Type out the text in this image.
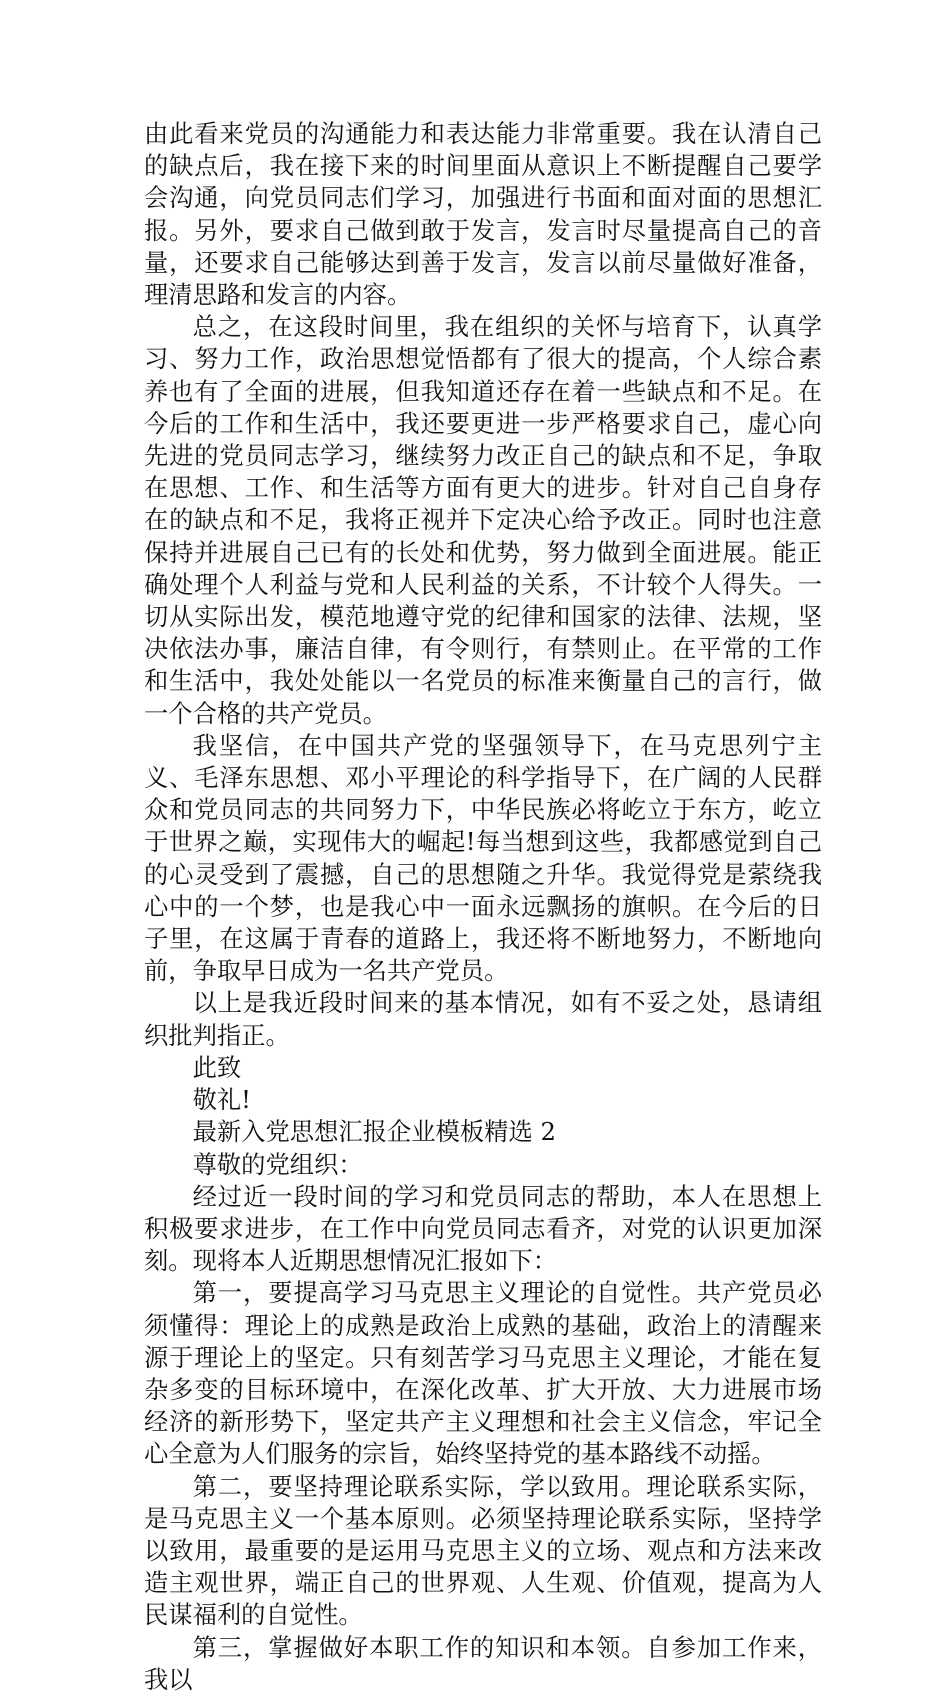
由此看来党员的沟通能力和表达能力非常重要。我在认清自己的缺点后，我在接下来的时间里面从意识上不断提醒自己要学会沟通，向党员同志们学习，加强进行书面和面对面的思想汇报。另外，要求自己做到敢于发言，发言时尽量提高自己的音量，还要求自己能够达到善于发言，发言以前尽量做好准备，理清思路和发言的内容。

总之，在这段时间里，我在组织的关怀与培育下，认真学习、努力工作，政治思想觉悟都有了很大的提高，个人综合素养也有了全面的进展，但我知道还存在着一些缺点和不足。在今后的工作和生活中，我还要更进一步严格要求自己，虚心向先进的党员同志学习，继续努力改正自己的缺点和不足，争取在思想、工作、和生活等方面有更大的进步。针对自己自身存在的缺点和不足，我将正视并下定决心给予改正。同时也注意保持并进展自己已有的长处和优势，努力做到全面进展。能正确处理个人利益与党和人民利益的关系，不计较个人得失。一切从实际出发，模范地遵守党的纪律和国家的法律、法规，坚决依法办事，廉洁自律，有令则行，有禁则止。在平常的工作和生活中，我处处能以一名党员的标准来衡量自己的言行，做一个合格的共产党员。

我坚信，在中国共产党的坚强领导下，在马克思列宁主义、毛泽东思想、邓小平理论的科学指导下，在广阔的人民群众和党员同志的共同努力下，中华民族必将屹立于东方，屹立于世界之巅，实现伟大的崛起!每当想到这些，我都感觉到自己的心灵受到了震撼，自己的思想随之升华。我觉得党是萦绕我心中的一个梦，也是我心中一面永远飘扬的旗帜。在今后的日子里，在这属于青春的道路上，我还将不断地努力，不断地向前，争取早日成为一名共产党员。

以上是我近段时间来的基本情况，如有不妥之处，恳请组织批判指正。

此致

敬礼!

最新入党思想汇报企业模板精选 2

尊敬的党组织：

经过近一段时间的学习和党员同志的帮助，本人在思想上积极要求进步，在工作中向党员同志看齐，对党的认识更加深刻。现将本人近期思想情况汇报如下：

第一，要提高学习马克思主义理论的自觉性。共产党员必须懂得：理论上的成熟是政治上成熟的基础，政治上的清醒来源于理论上的坚定。只有刻苦学习马克思主义理论，才能在复杂多变的目标环境中，在深化改革、扩大开放、大力进展市场经济的新形势下，坚定共产主义理想和社会主义信念，牢记全心全意为人们服务的宗旨，始终坚持党的基本路线不动摇。

第二，要坚持理论联系实际，学以致用。理论联系实际，是马克思主义一个基本原则。必须坚持理论联系实际，坚持学以致用，最重要的是运用马克思主义的立场、观点和方法来改造主观世界，端正自己的世界观、人生观、价值观，提高为人民谋福利的自觉性。

第三，掌握做好本职工作的知识和本领。自参加工作来，我以
